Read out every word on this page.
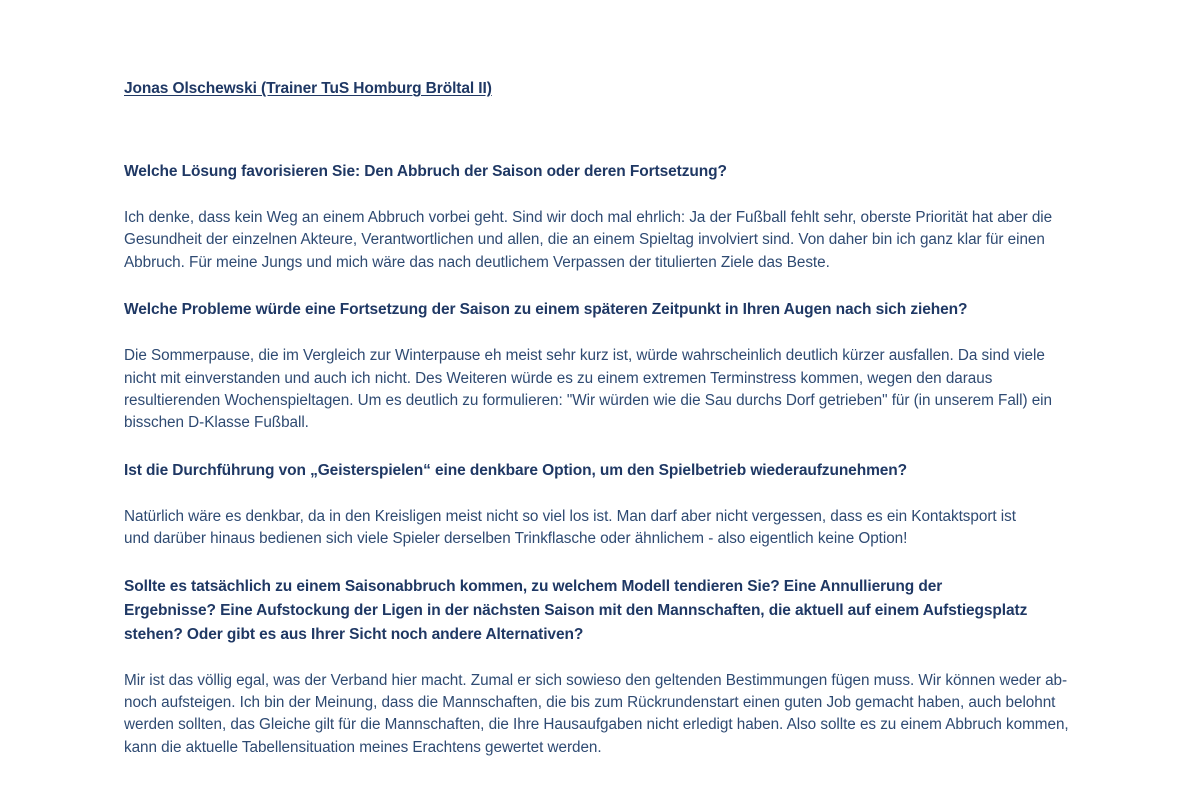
Jonas Olschewski (Trainer TuS Homburg Bröltal II)

Welche Lösung favorisieren Sie: Den Abbruch der Saison oder deren Fortsetzung?

Ich denke, dass kein Weg an einem Abbruch vorbei geht. Sind wir doch mal ehrlich: Ja der Fußball fehlt sehr, oberste Priorität hat aber die Gesundheit der einzelnen Akteure, Verantwortlichen und allen, die an einem Spieltag involviert sind. Von daher bin ich ganz klar für einen Abbruch. Für meine Jungs und mich wäre das nach deutlichem Verpassen der titulierten Ziele das Beste.

Welche Probleme würde eine Fortsetzung der Saison zu einem späteren Zeitpunkt in Ihren Augen nach sich ziehen?

Die Sommerpause, die im Vergleich zur Winterpause eh meist sehr kurz ist, würde wahrscheinlich deutlich kürzer ausfallen. Da sind viele nicht mit einverstanden und auch ich nicht. Des Weiteren würde es zu einem extremen Terminstress kommen, wegen den daraus resultierenden Wochenspieltagen. Um es deutlich zu formulieren: "Wir würden wie die Sau durchs Dorf getrieben" für (in unserem Fall) ein bisschen D-Klasse Fußball.

Ist die Durchführung von „Geisterspielen“ eine denkbare Option, um den Spielbetrieb wiederaufzunehmen?

Natürlich wäre es denkbar, da in den Kreisligen meist nicht so viel los ist. Man darf aber nicht vergessen, dass es ein Kontaktsport ist und darüber hinaus bedienen sich viele Spieler derselben Trinkflasche oder ähnlichem - also eigentlich keine Option!

Sollte es tatsächlich zu einem Saisonabbruch kommen, zu welchem Modell tendieren Sie? Eine Annullierung der Ergebnisse? Eine Aufstockung der Ligen in der nächsten Saison mit den Mannschaften, die aktuell auf einem Aufstiegsplatz stehen? Oder gibt es aus Ihrer Sicht noch andere Alternativen?

Mir ist das völlig egal, was der Verband hier macht. Zumal er sich sowieso den geltenden Bestimmungen fügen muss. Wir können weder ab- noch aufsteigen. Ich bin der Meinung, dass die Mannschaften, die bis zum Rückrundenstart einen guten Job gemacht haben, auch belohnt werden sollten, das Gleiche gilt für die Mannschaften, die Ihre Hausaufgaben nicht erledigt haben. Also sollte es zu einem Abbruch kommen, kann die aktuelle Tabellensituation meines Erachtens gewertet werden.
